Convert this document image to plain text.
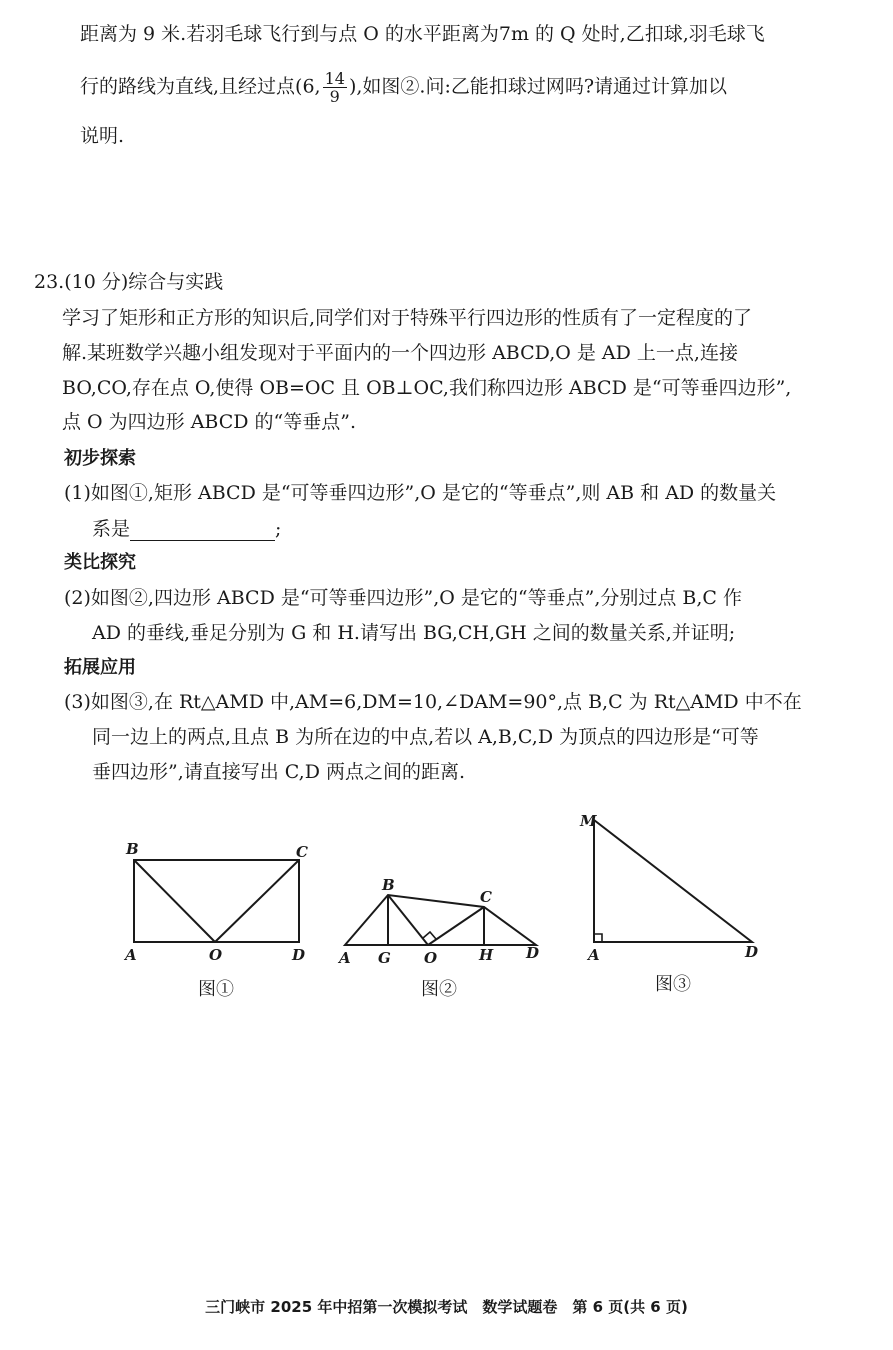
距离为 9 米.若羽毛球飞行到与点 O 的水平距离为7m 的 Q 处时,乙扣球,羽毛球飞
行的路线为直线,且经过点(6, $\frac{14}{9}$ ),如图②.问:乙能扣球过网吗?请通过计算加以
说明.
23.(10 分)综合与实践
学习了矩形和正方形的知识后,同学们对于特殊平行四边形的性质有了一定程度的了
解.某班数学兴趣小组发现对于平面内的一个四边形 ABCD,O 是 AD 上一点,连接
BO,CO,存在点 O,使得 OB=OC 且 OB⊥OC,我们称四边形 ABCD 是“可等垂四边形”,
点 O 为四边形 ABCD 的“等垂点”.
初步探索
(1)如图①,矩形 ABCD 是“可等垂四边形”,O 是它的“等垂点”,则 AB 和 AD 的数量关
系是	;
类比探究
(2)如图②,四边形 ABCD 是“可等垂四边形”,O 是它的“等垂点”,分别过点 B,C 作
AD 的垂线,垂足分别为 G 和 H.请写出 BG,CH,GH 之间的数量关系,并证明;
拓展应用
(3)如图③,在 Rt△AMD 中,AM=6,DM=10,∠DAM=90°,点 B,C 为 Rt△AMD 中不在
同一边上的两点,且点 B 为所在边的中点,若以 A,B,C,D 为顶点的四边形是“可等
垂四边形”,请直接写出 C,D 两点之间的距离.
B	C
A	O	D
B
C
A G O	H D
M
A	D
图①	图②	图③
三门峡市 2025 年中招第一次模拟考试　数学试题卷　第 6 页(共 6 页)
